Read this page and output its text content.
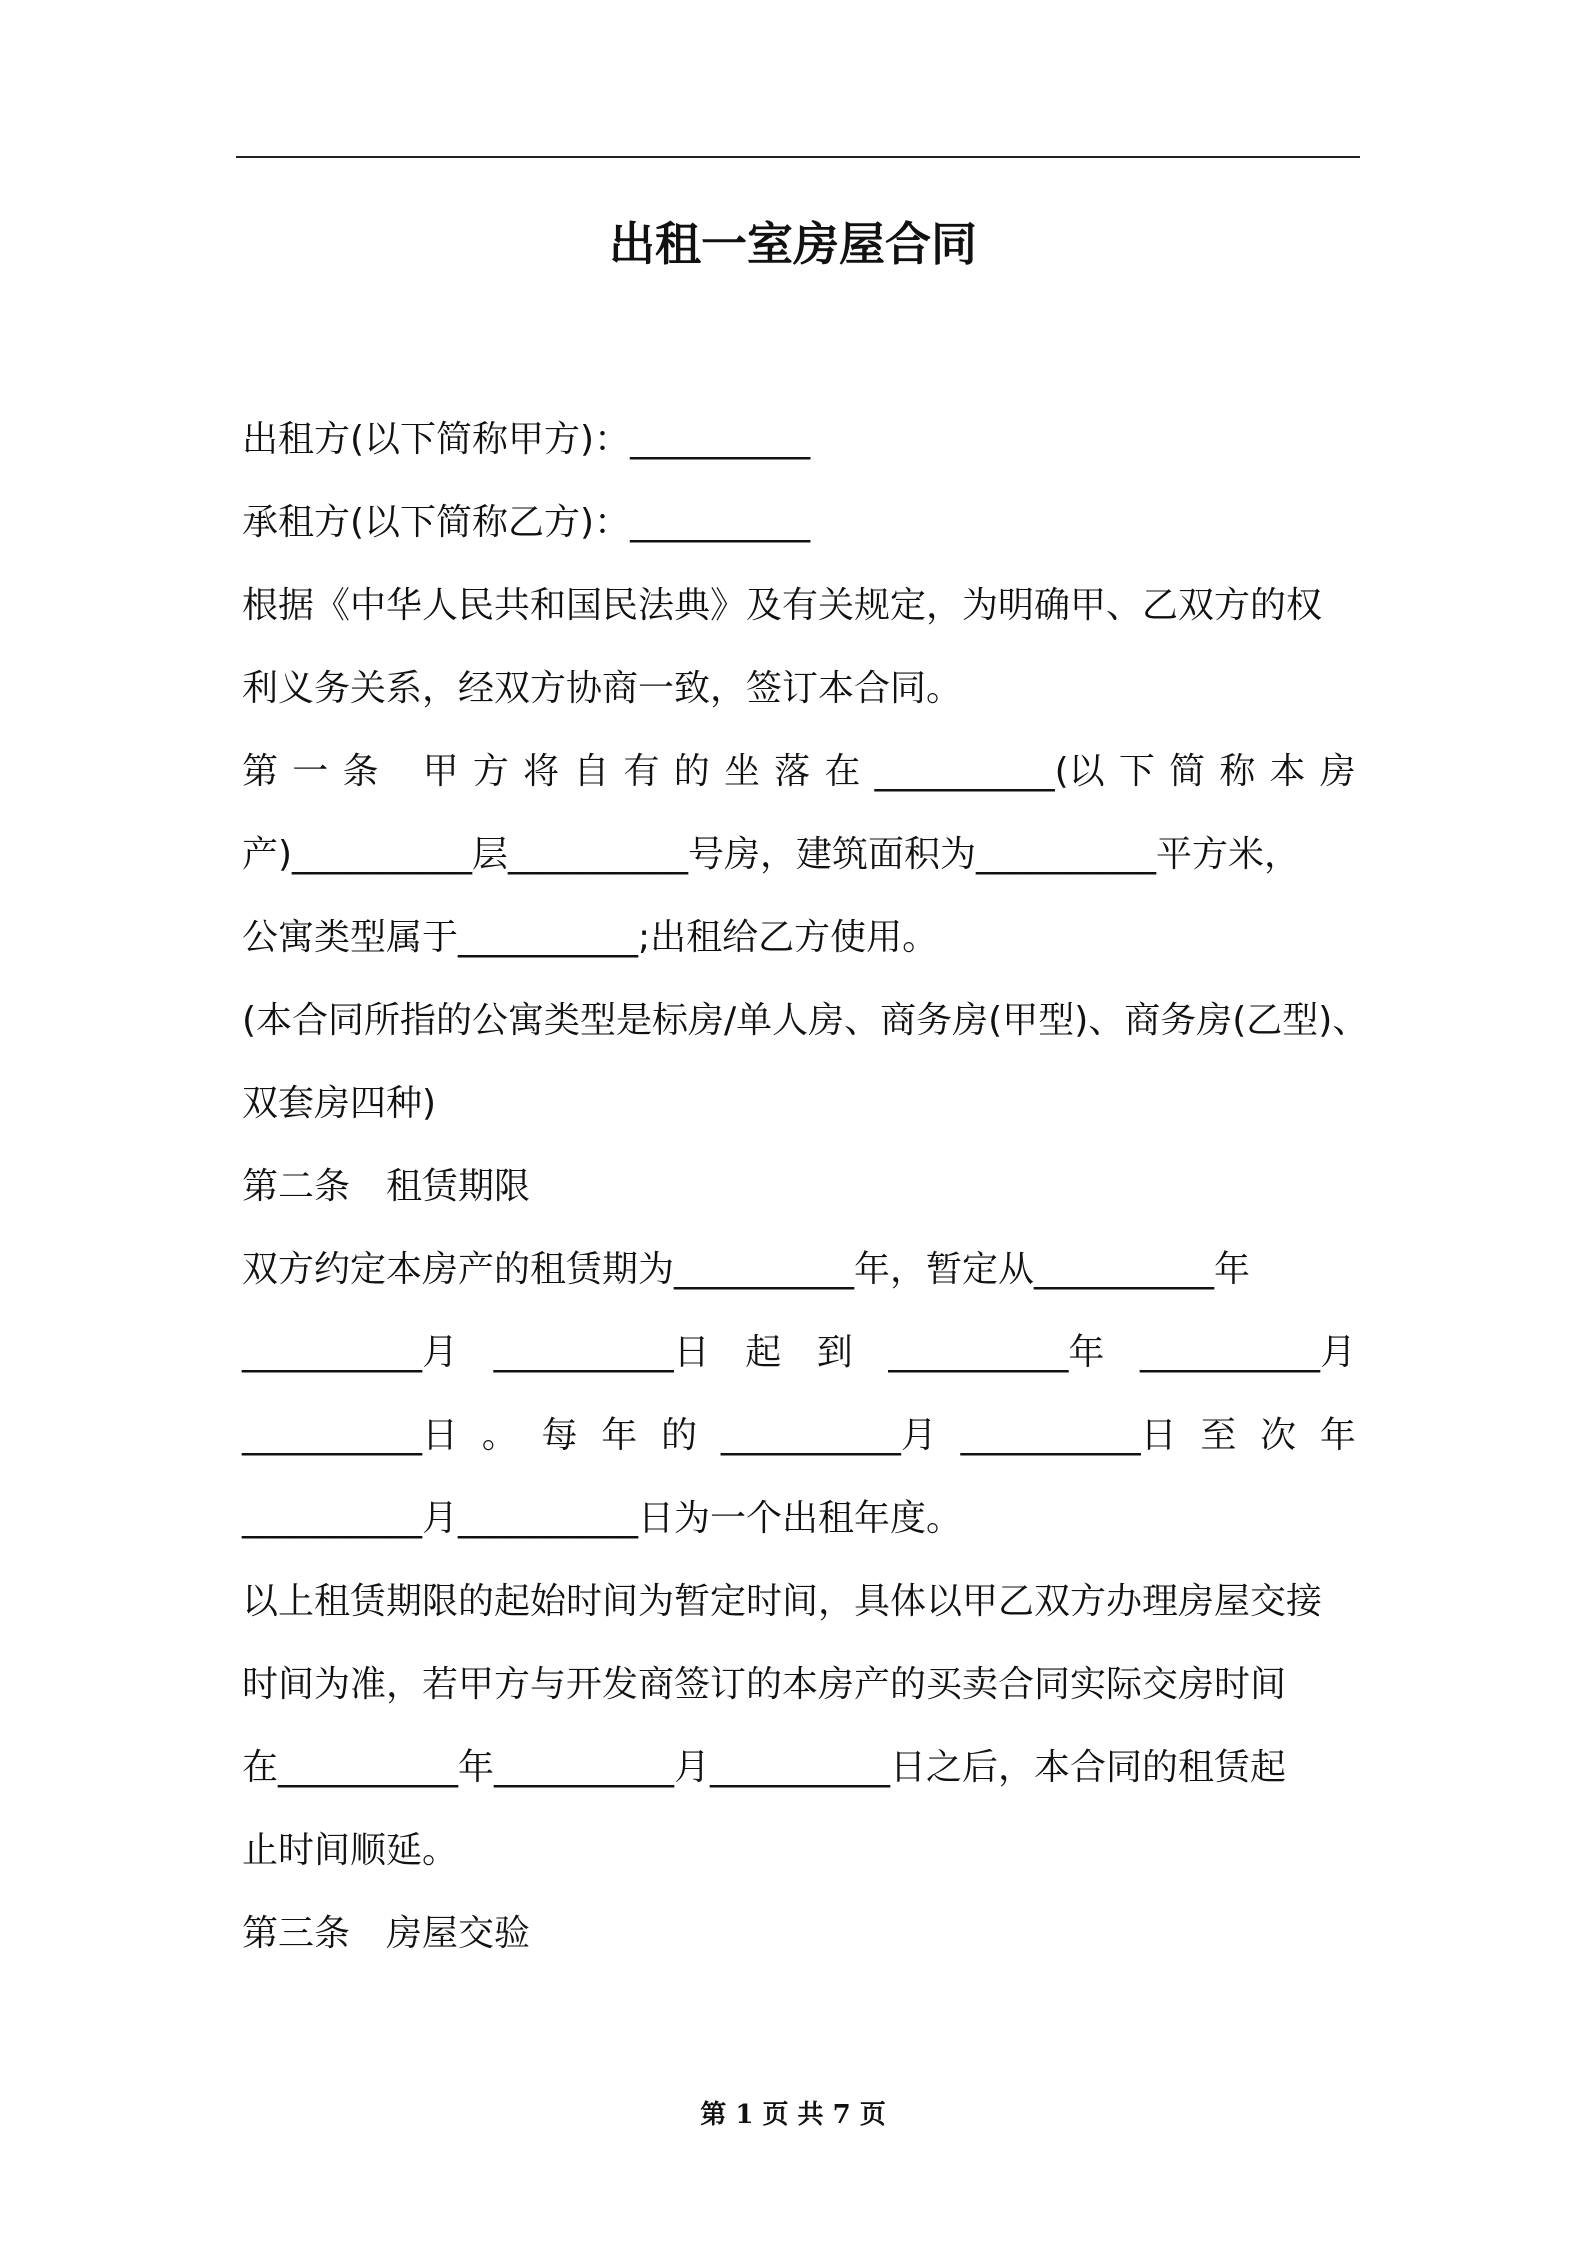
出租一室房屋合同
出租方(以下简称甲方)：__________
承租方(以下简称乙方)：__________
根据《中华人民共和国民法典》及有关规定，为明确甲、乙双方的权
利义务关系，经双方协商一致，签订本合同。
第 一 条 甲 方 将 自 有 的 坐 落 在 __________(以 下 简 称 本 房
产)__________层__________号房，建筑面积为__________平方米，
公寓类型属于__________;出租给乙方使用。
(本合同所指的公寓类型是标房/单人房、商务房(甲型)、商务房(乙型)、
双套房四种)
第二条　租赁期限
双方约定本房产的租赁期为__________年，暂定从__________年
__________月 __________日 起 到 __________年 __________月
__________日 。 每 年 的 __________月 __________日 至 次 年
__________月__________日为一个出租年度。
以上租赁期限的起始时间为暂定时间，具体以甲乙双方办理房屋交接
时间为准，若甲方与开发商签订的本房产的买卖合同实际交房时间
在__________年__________月__________日之后，本合同的租赁起
止时间顺延。
第三条　房屋交验
第 1 页 共 7 页
